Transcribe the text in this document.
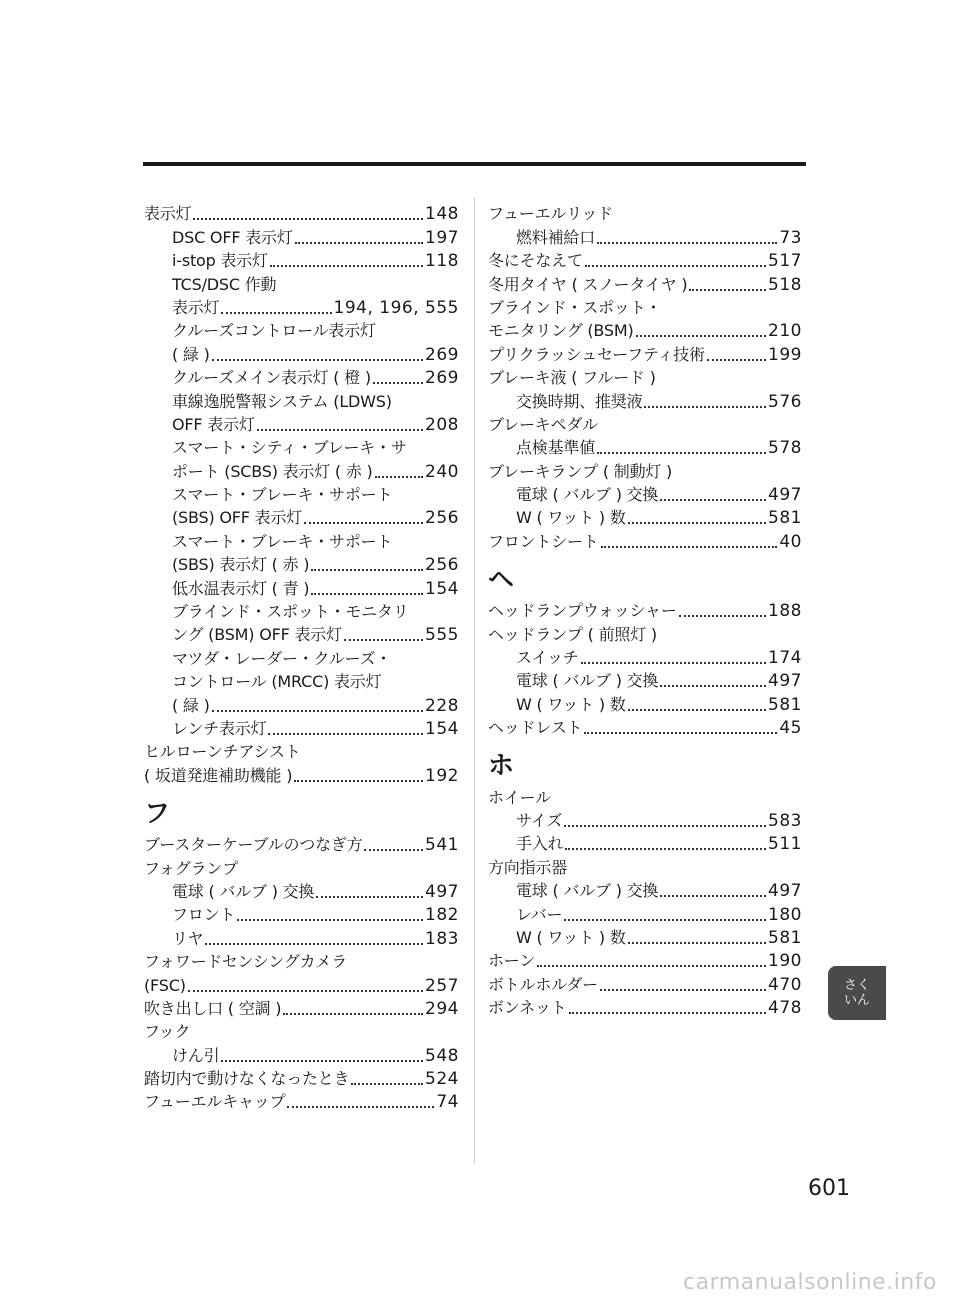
表示灯	148
DSC OFF 表示灯	197
i-stop 表示灯	118
TCS/DSC 作動
表示灯	194, 196, 555
クルーズコントロール表示灯
( 緑 )	269
クルーズメイン表示灯 ( 橙 )	269
車線逸脱警報システム (LDWS)
OFF 表示灯	208
スマート・シティ・ブレーキ・サ
ポート (SCBS) 表示灯 ( 赤 )	240
スマート・ブレーキ・サポート
(SBS) OFF 表示灯	256
スマート・ブレーキ・サポート
(SBS) 表示灯 ( 赤 )	256
低水温表示灯 ( 青 )	154
ブラインド・スポット・モニタリ
ング (BSM) OFF 表示灯	555
マツダ・レーダー・クルーズ・
コントロール (MRCC) 表示灯
( 緑 )	228
レンチ表示灯	154
ヒルローンチアシスト
( 坂道発進補助機能 )	192
フ
ブースターケーブルのつなぎ方	541
フォグランプ
電球 ( バルブ ) 交換	497
フロント	182
リヤ	183
フォワードセンシングカメラ
(FSC)	257
吹き出し口 ( 空調 )	294
フック
けん引	548
踏切内で動けなくなったとき	524
フューエルキャップ	74
フューエルリッド
燃料補給口	73
冬にそなえて	517
冬用タイヤ ( スノータイヤ )	518
ブラインド・スポット・
モニタリング (BSM)	210
プリクラッシュセーフティ技術	199
ブレーキ液 ( フルード )
交換時期、推奨液	576
ブレーキペダル
点検基準値	578
ブレーキランプ ( 制動灯 )
電球 ( バルブ ) 交換	497
W ( ワット ) 数	581
フロントシート	40
ヘ
ヘッドランプウォッシャー	188
ヘッドランプ ( 前照灯 )
スイッチ	174
電球 ( バルブ ) 交換	497
W ( ワット ) 数	581
ヘッドレスト	45
ホ
ホイール
サイズ	583
手入れ	511
方向指示器
電球 ( バルブ ) 交換	497
レバー	180
W ( ワット ) 数	581
ホーン	190
ボトルホルダー	470
ボンネット	478
さく
いん
601
carmanualsonline.info
